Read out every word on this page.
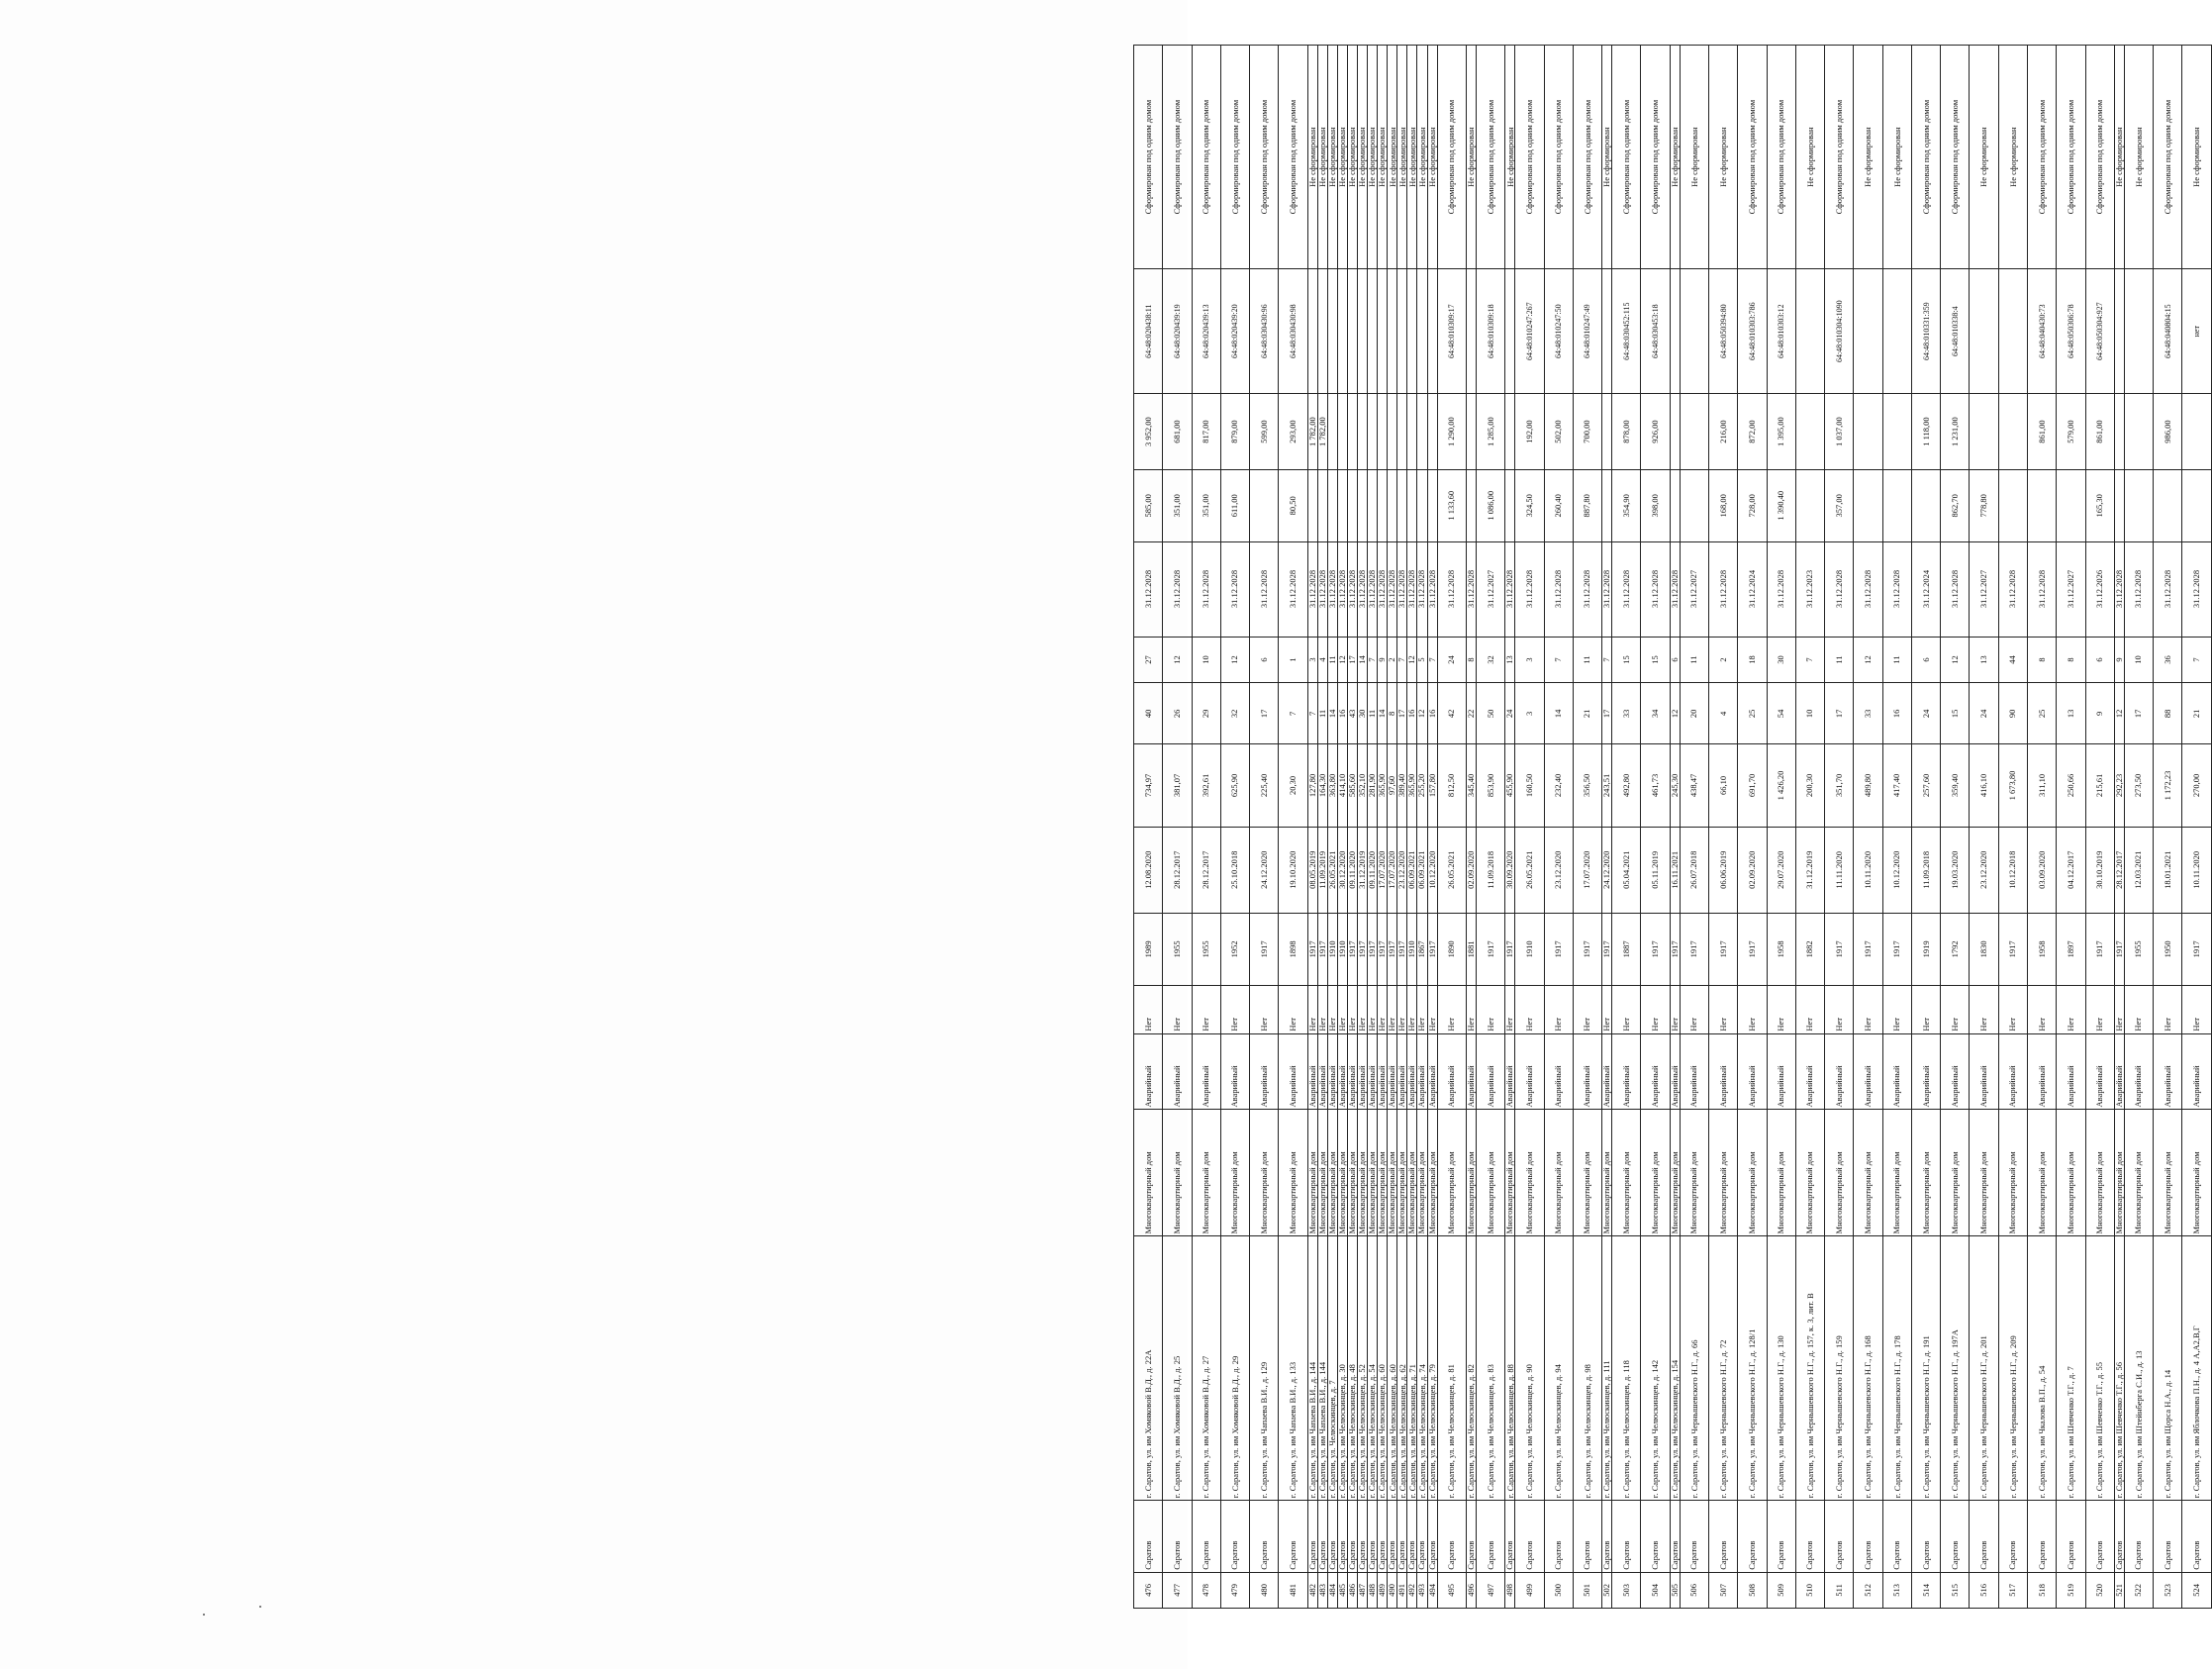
476	Саратов	г. Саратов, ул. им Хомяковой В.Д., д. 22А	Многоквартирный дом	Аварийный	Нет	1989	12.08.2020	734,97	40	27	31.12.2028	585,00	3 952,00	64:48:020438:11	Сформирован под одним домом
477	Саратов	г. Саратов, ул. им Хомяковой В.Д., д. 25	Многоквартирный дом	Аварийный	Нет	1955	28.12.2017	381,07	26	12	31.12.2028	351,00	681,00	64:48:020439:19	Сформирован под одним домом
478	Саратов	г. Саратов, ул. им Хомяковой В.Д., д. 27	Многоквартирный дом	Аварийный	Нет	1955	28.12.2017	392,61	29	10	31.12.2028	351,00	817,00	64:48:020439:13	Сформирован под одним домом
479	Саратов	г. Саратов, ул. им Хомяковой В.Д., д. 29	Многоквартирный дом	Аварийный	Нет	1952	25.10.2018	625,90	32	12	31.12.2028	611,00	879,00	64:48:020439:20	Сформирован под одним домом
480	Саратов	г. Саратов, ул. им Чапаева В.И., д. 129	Многоквартирный дом	Аварийный	Нет	1917	24.12.2020	225,40	17	6	31.12.2028		599,00	64:48:030430:96	Сформирован под одним домом
481	Саратов	г. Саратов, ул. им Чапаева В.И., д. 133	Многоквартирный дом	Аварийный	Нет	1898	19.10.2020	20,30	7	1	31.12.2028	80,50	293,00	64:48:030430:98	Сформирован под одним домом
482	Саратов	г. Саратов, ул. им Чапаева В.И., д. 144	Многоквартирный дом	Аварийный	Нет	1917	08.05.2019	127,80	7	3	31.12.2028		1 782,00		Не сформирован
483	Саратов	г. Саратов, ул. им Чапаева В.И., д. 144	Многоквартирный дом	Аварийный	Нет	1917	11.09.2019	164,30	11	4	31.12.2028		1 782,00		Не сформирован
484	Саратов	г. Саратов, ул. Челюскинцев, д. 7	Многоквартирный дом	Аварийный	Нет	1910	26.05.2021	363,80	14	11	31.12.2028				Не сформирован
485	Саратов	г. Саратов, ул. им Челюскинцев, д. 30	Многоквартирный дом	Аварийный	Нет	1910	30.12.2020	414,10	16	12	31.12.2028				Не сформирован
486	Саратов	г. Саратов, ул. им Челюскинцев, д. 48	Многоквартирный дом	Аварийный	Нет	1917	09.11.2020	585,60	43	17	31.12.2028				Не сформирован
487	Саратов	г. Саратов, ул. им Челюскинцев, д. 52	Многоквартирный дом	Аварийный	Нет	1917	31.12.2019	352,10	30	14	31.12.2028				Не сформирован
488	Саратов	г. Саратов, ул. им Челюскинцев, д. 54	Многоквартирный дом	Аварийный	Нет	1917	09.11.2020	281,90	11	7	31.12.2028				Не сформирован
489	Саратов	г. Саратов, ул. им Челюскинцев, д. 60	Многоквартирный дом	Аварийный	Нет	1917	17.07.2020	365,90	14	9	31.12.2028				Не сформирован
490	Саратов	г. Саратов, ул. им Челюскинцев, д. 60	Многоквартирный дом	Аварийный	Нет	1917	17.07.2020	97,60	8	2	31.12.2028				Не сформирован
491	Саратов	г. Саратов, ул. им Челюскинцев, д. 62	Многоквартирный дом	Аварийный	Нет	1917	23.12.2020	389,40	17	7	31.12.2028				Не сформирован
492	Саратов	г. Саратов, ул. им Челюскинцев, д. 71	Многоквартирный дом	Аварийный	Нет	1910	06.09.2021	365,90	16	12	31.12.2028				Не сформирован
493	Саратов	г. Саратов, ул. им Челюскинцев, д. 74	Многоквартирный дом	Аварийный	Нет	1867	06.09.2021	255,20	12	5	31.12.2028				Не сформирован
494	Саратов	г. Саратов, ул. им Челюскинцев, д. 79	Многоквартирный дом	Аварийный	Нет	1917	10.12.2020	157,80	16	7	31.12.2028				Не сформирован
495	Саратов	г. Саратов, ул. им Челюскинцев, д. 81	Многоквартирный дом	Аварийный	Нет	1890	26.05.2021	812,50	42	24	31.12.2028	1 133,60	1 290,00	64:48:010309:17	Сформирован под одним домом
496	Саратов	г. Саратов, ул. им Челюскинцев, д. 82	Многоквартирный дом	Аварийный	Нет	1881	02.09.2020	345,40	22	8	31.12.2028				Не сформирован
497	Саратов	г. Саратов, ул. им Челюскинцев, д. 83	Многоквартирный дом	Аварийный	Нет	1917	11.09.2018	853,90	50	32	31.12.2027	1 086,00	1 285,00	64:48:010309:18	Сформирован под одним домом
498	Саратов	г. Саратов, ул. им Челюскинцев, д. 88	Многоквартирный дом	Аварийный	Нет	1917	30.09.2020	455,90	24	13	31.12.2028				Не сформирован
499	Саратов	г. Саратов, ул. им Челюскинцев, д. 90	Многоквартирный дом	Аварийный	Нет	1910	26.05.2021	160,50	3	3	31.12.2028	324,50	192,00	64:48:010247:267	Сформирован под одним домом
500	Саратов	г. Саратов, ул. им Челюскинцев, д. 94	Многоквартирный дом	Аварийный	Нет	1917	23.12.2020	232,40	14	7	31.12.2028	260,40	502,00	64:48:010247:50	Сформирован под одним домом
501	Саратов	г. Саратов, ул. им Челюскинцев, д. 98	Многоквартирный дом	Аварийный	Нет	1917	17.07.2020	356,50	21	11	31.12.2028	887,80	700,00	64:48:010247:49	Сформирован под одним домом
502	Саратов	г. Саратов, ул. им Челюскинцев, д. 111	Многоквартирный дом	Аварийный	Нет	1917	24.12.2020	243,51	17	7	31.12.2028				Не сформирован
503	Саратов	г. Саратов, ул. им Челюскинцев, д. 118	Многоквартирный дом	Аварийный	Нет	1887	05.04.2021	492,80	33	15	31.12.2028	354,90	878,00	64:48:030452:115	Сформирован под одним домом
504	Саратов	г. Саратов, ул. им Челюскинцев, д. 142	Многоквартирный дом	Аварийный	Нет	1917	05.11.2019	461,73	34	15	31.12.2028	398,00	926,00	64:48:030453:18	Сформирован под одним домом
505	Саратов	г. Саратов, ул. им Челюскинцев, д. 154	Многоквартирный дом	Аварийный	Нет	1917	16.11.2021	245,30	12	6	31.12.2028				Не сформирован
506	Саратов	г. Саратов, ул. им Чернышевского Н.Г., д. 66	Многоквартирный дом	Аварийный	Нет	1917	26.07.2018	438,47	20	11	31.12.2027				Не сформирован
507	Саратов	г. Саратов, ул. им Чернышевского Н.Г., д. 72	Многоквартирный дом	Аварийный	Нет	1917	06.06.2019	66,10	4	2	31.12.2028	168,00	216,00	64:48:050394:80	Не сформирован
508	Саратов	г. Саратов, ул. им Чернышевского Н.Г., д. 128/1	Многоквартирный дом	Аварийный	Нет	1917	02.09.2020	691,70	25	18	31.12.2024	728,00	872,00	64:48:010303:786	Сформирован под одним домом
509	Саратов	г. Саратов, ул. им Чернышевского Н.Г., д. 130	Многоквартирный дом	Аварийный	Нет	1958	29.07.2020	1 426,20	54	30	31.12.2028	1 390,40	1 395,00	64:48:010303:12	Сформирован под одним домом
510	Саратов	г. Саратов, ул. им Чернышевского Н.Г., д. 157, к. 3, лит. В	Многоквартирный дом	Аварийный	Нет	1882	31.12.2019	200,30	10	7	31.12.2023				Не сформирован
511	Саратов	г. Саратов, ул. им Чернышевского Н.Г., д. 159	Многоквартирный дом	Аварийный	Нет	1917	11.11.2020	351,70	17	11	31.12.2028	357,00	1 037,00	64:48:010304:1090	Сформирован под одним домом
512	Саратов	г. Саратов, ул. им Чернышевского Н.Г., д. 168	Многоквартирный дом	Аварийный	Нет	1917	10.11.2020	489,80	33	12	31.12.2028				Не сформирован
513	Саратов	г. Саратов, ул. им Чернышевского Н.Г., д. 178	Многоквартирный дом	Аварийный	Нет	1917	10.12.2020	417,40	16	11	31.12.2028				Не сформирован
514	Саратов	г. Саратов, ул. им Чернышевского Н.Г., д. 191	Многоквартирный дом	Аварийный	Нет	1919	11.09.2018	257,60	24	6	31.12.2024		1 118,00	64:48:010331:359	Сформирован под одним домом
515	Саратов	г. Саратов, ул. им Чернышевского Н.Г., д. 197А	Многоквартирный дом	Аварийный	Нет	1792	19.03.2020	359,40	15	12	31.12.2028	862,70	1 231,00	64:48:010338:4	Сформирован под одним домом
516	Саратов	г. Саратов, ул. им Чернышевского Н.Г., д. 201	Многоквартирный дом	Аварийный	Нет	1830	23.12.2020	416,10	24	13	31.12.2027	778,80			Не сформирован
517	Саратов	г. Саратов, ул. им Чернышевского Н.Г., д. 209	Многоквартирный дом	Аварийный	Нет	1917	10.12.2018	1 673,80	90	44	31.12.2028				Не сформирован
518	Саратов	г. Саратов, ул. им Чкалова В.П., д. 54	Многоквартирный дом	Аварийный	Нет	1958	03.09.2020	311,10	25	8	31.12.2028		861,00	64:48:040430:73	Сформирован под одним домом
519	Саратов	г. Саратов, ул. им Шевченко Т.Г., д. 7	Многоквартирный дом	Аварийный	Нет	1897	04.12.2017	250,66	13	8	31.12.2027		579,00	64:48:050306:78	Сформирован под одним домом
520	Саратов	г. Саратов, ул. им Шевченко Т.Г., д. 55	Многоквартирный дом	Аварийный	Нет	1917	30.10.2019	215,61	9	6	31.12.2026	165,30	861,00	64:48:050304:927	Сформирован под одним домом
521	Саратов	г. Саратов, ул. им Шевченко Т.Г., д. 56	Многоквартирный дом	Аварийный	Нет	1917	28.12.2017	292,23	12	9	31.12.2028				Не сформирован
522	Саратов	г. Саратов, ул. им Штейнберга С.И., д. 13	Многоквартирный дом	Аварийный	Нет	1955	12.03.2021	273,50	17	10	31.12.2028				Не сформирован
523	Саратов	г. Саратов, ул. им Щорса Н.А., д. 14	Многоквартирный дом	Аварийный	Нет	1950	18.01.2021	1 172,23	88	36	31.12.2028		986,00	64:48:040804:15	Сформирован под одним домом
524	Саратов	г. Саратов, ул. им Яблочкова П.Н., д. 4 А,А2,В,Г	Многоквартирный дом	Аварийный	Нет	1917	10.11.2020	270,00	21	7	31.12.2028			нет	Не сформирован
